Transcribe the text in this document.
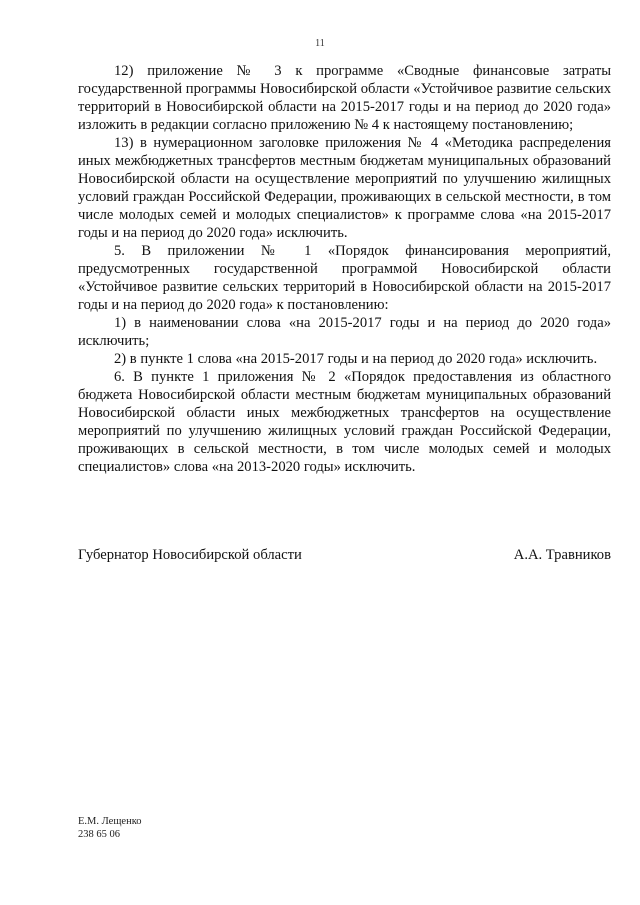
11

12) приложение № 3 к программе «Сводные финансовые затраты государственной программы Новосибирской области «Устойчивое развитие сельских территорий в Новосибирской области на 2015-2017 годы и на период до 2020 года» изложить в редакции согласно приложению № 4 к настоящему постановлению;

13) в нумерационном заголовке приложения № 4 «Методика распределения иных межбюджетных трансфертов местным бюджетам муниципальных образований Новосибирской области на осуществление мероприятий по улучшению жилищных условий граждан Российской Федерации, проживающих в сельской местности, в том числе молодых семей и молодых специалистов» к программе слова «на 2015-2017 годы и на период до 2020 года» исключить.

5. В приложении № 1 «Порядок финансирования мероприятий, предусмотренных государственной программой Новосибирской области «Устойчивое развитие сельских территорий в Новосибирской области на 2015-2017 годы и на период до 2020 года» к постановлению:

1) в наименовании слова «на 2015-2017 годы и на период до 2020 года» исключить;

2) в пункте 1 слова «на 2015-2017 годы и на период до 2020 года» исключить.

6. В пункте 1 приложения № 2 «Порядок предоставления из областного бюджета Новосибирской области местным бюджетам муниципальных образований Новосибирской области иных межбюджетных трансфертов на осуществление мероприятий по улучшению жилищных условий граждан Российской Федерации, проживающих в сельской местности, в том числе молодых семей и молодых специалистов» слова «на 2013-2020 годы» исключить.

Губернатор Новосибирской области	А.А. Травников
Е.М. Лещенко
238 65 06
